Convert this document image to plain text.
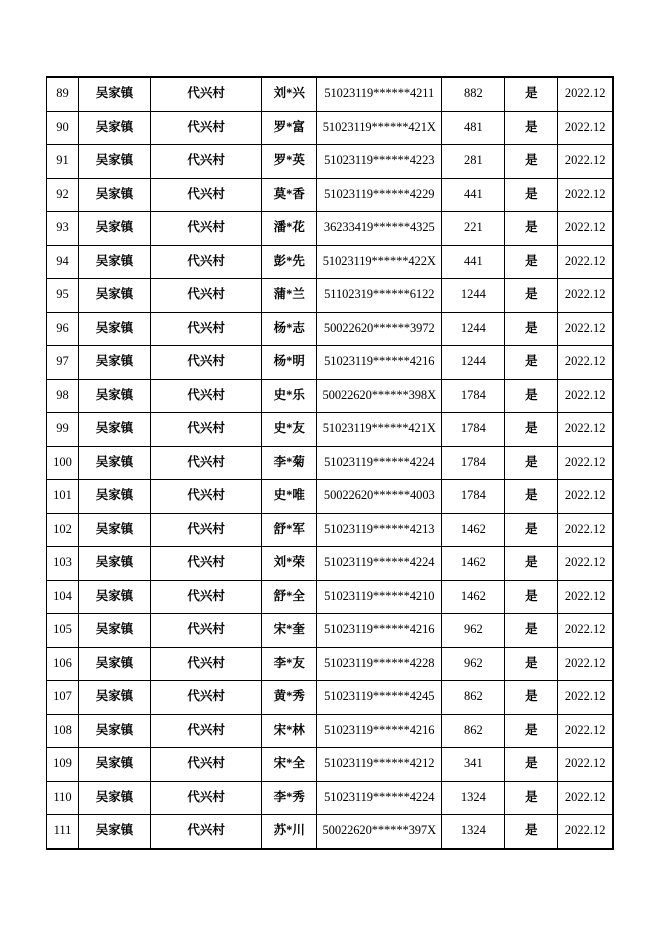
89	吴家镇	代兴村	刘*兴	51023119******4211	882	是	2022.12
90	吴家镇	代兴村	罗*富	51023119******421X	481	是	2022.12
91	吴家镇	代兴村	罗*英	51023119******4223	281	是	2022.12
92	吴家镇	代兴村	莫*香	51023119******4229	441	是	2022.12
93	吴家镇	代兴村	潘*花	36233419******4325	221	是	2022.12
94	吴家镇	代兴村	彭*先	51023119******422X	441	是	2022.12
95	吴家镇	代兴村	蒲*兰	51102319******6122	1244	是	2022.12
96	吴家镇	代兴村	杨*志	50022620******3972	1244	是	2022.12
97	吴家镇	代兴村	杨*明	51023119******4216	1244	是	2022.12
98	吴家镇	代兴村	史*乐	50022620******398X	1784	是	2022.12
99	吴家镇	代兴村	史*友	51023119******421X	1784	是	2022.12
100	吴家镇	代兴村	李*菊	51023119******4224	1784	是	2022.12
101	吴家镇	代兴村	史*唯	50022620******4003	1784	是	2022.12
102	吴家镇	代兴村	舒*军	51023119******4213	1462	是	2022.12
103	吴家镇	代兴村	刘*荣	51023119******4224	1462	是	2022.12
104	吴家镇	代兴村	舒*全	51023119******4210	1462	是	2022.12
105	吴家镇	代兴村	宋*奎	51023119******4216	962	是	2022.12
106	吴家镇	代兴村	李*友	51023119******4228	962	是	2022.12
107	吴家镇	代兴村	黄*秀	51023119******4245	862	是	2022.12
108	吴家镇	代兴村	宋*林	51023119******4216	862	是	2022.12
109	吴家镇	代兴村	宋*全	51023119******4212	341	是	2022.12
110	吴家镇	代兴村	李*秀	51023119******4224	1324	是	2022.12
111	吴家镇	代兴村	苏*川	50022620******397X	1324	是	2022.12
